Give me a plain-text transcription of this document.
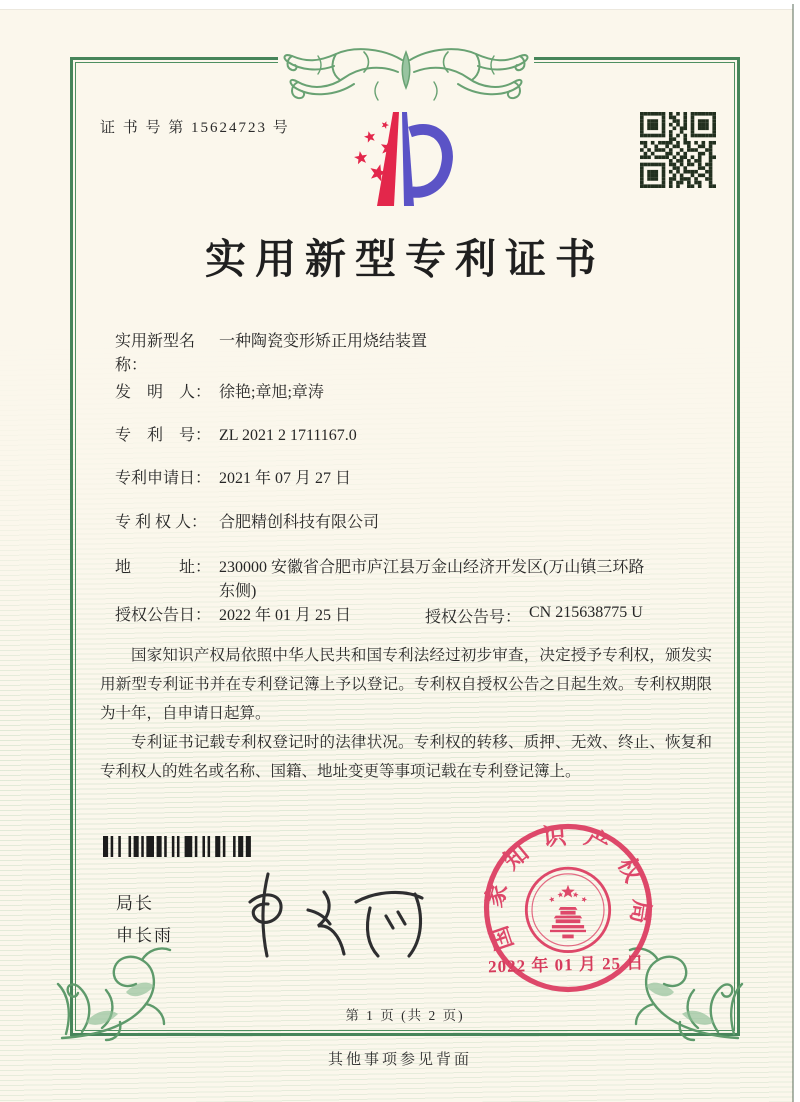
证 书 号 第 15624723 号
实用新型专利证书
实用新型名称：
一种陶瓷变形矫正用烧结装置
发　明　人： 徐艳;章旭;章涛
专　利　号： ZL 2021 2 1711167.0
专利申请日： 2021 年 07 月 27 日
专 利 权 人： 合肥精创科技有限公司
地　　　址： 230000 安徽省合肥市庐江县万金山经济开发区(万山镇三环路东侧)
授权公告日： 2022 年 01 月 25 日	授权公告号： CN 215638775 U

国家知识产权局依照中华人民共和国专利法经过初步审查，决定授予专利权，颁发实用新型专利证书并在专利登记簿上予以登记。专利权自授权公告之日起生效。专利权期限为十年，自申请日起算。

专利证书记载专利权登记时的法律状况。专利权的转移、质押、无效、终止、恢复和专利权人的姓名或名称、国籍、地址变更等事项记载在专利登记簿上。

局长
申长雨	国家知识产权局
2022 年 01 月 25 日
第 1 页 (共 2 页)
其他事项参见背面
